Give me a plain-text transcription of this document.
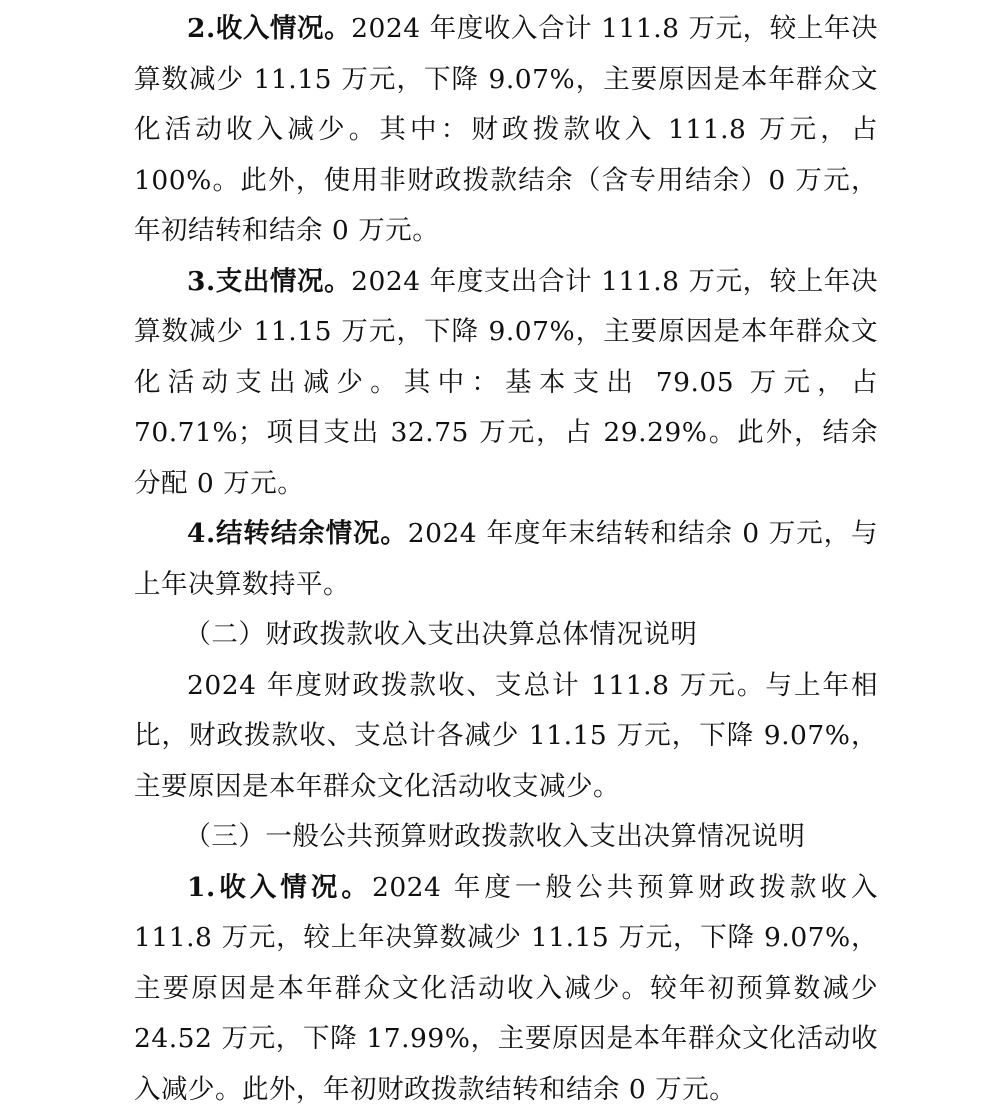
2.收入情况。2024 年度收入合计 111.8 万元，较上年决算数减少 11.15 万元，下降 9.07%，主要原因是本年群众文化活动收入减少。其中：财政拨款收入 111.8 万元，占 100%。此外，使用非财政拨款结余（含专用结余）0 万元，年初结转和结余 0 万元。

3.支出情况。2024 年度支出合计 111.8 万元，较上年决算数减少 11.15 万元，下降 9.07%，主要原因是本年群众文化活动支出减少。其中：基本支出 79.05 万元，占 70.71%；项目支出 32.75 万元，占 29.29%。此外，结余分配 0 万元。

4.结转结余情况。2024 年度年末结转和结余 0 万元，与上年决算数持平。

（二）财政拨款收入支出决算总体情况说明

2024 年度财政拨款收、支总计 111.8 万元。与上年相比，财政拨款收、支总计各减少 11.15 万元，下降 9.07%，主要原因是本年群众文化活动收支减少。

（三）一般公共预算财政拨款收入支出决算情况说明

1.收入情况。2024 年度一般公共预算财政拨款收入 111.8 万元，较上年决算数减少 11.15 万元，下降 9.07%，主要原因是本年群众文化活动收入减少。较年初预算数减少 24.52 万元，下降 17.99%，主要原因是本年群众文化活动收入减少。此外，年初财政拨款结转和结余 0 万元。
